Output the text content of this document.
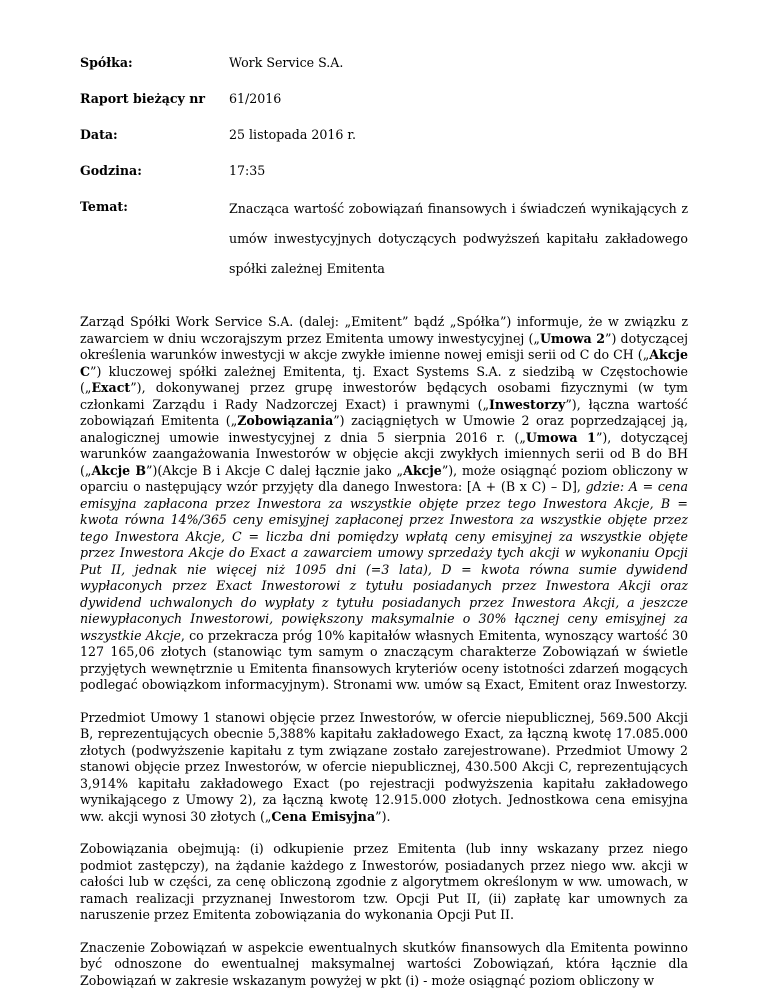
Spółka:	Work Service S.A.
Raport bieżący nr	61/2016
Data:	25 listopada 2016 r.
Godzina:	17:35
Temat:	Znacząca wartość zobowiązań finansowych i świadczeń wynikających z umów inwestycyjnych dotyczących podwyższeń kapitału zakładowego spółki zależnej Emitenta

Zarząd Spółki Work Service S.A. (dalej: „Emitent” bądź „Spółka”) informuje, że w związku z zawarciem w dniu wczorajszym przez Emitenta umowy inwestycyjnej („Umowa 2”) dotyczącej określenia warunków inwestycji w akcje zwykłe imienne nowej emisji serii od C do CH („Akcje C”) kluczowej spółki zależnej Emitenta, tj. Exact Systems S.A. z siedzibą w Częstochowie („Exact”), dokonywanej przez grupę inwestorów będących osobami fizycznymi (w tym członkami Zarządu i Rady Nadzorczej Exact) i prawnymi („Inwestorzy”), łączna wartość zobowiązań Emitenta („Zobowiązania”) zaciągniętych w Umowie 2 oraz poprzedzającej ją, analogicznej umowie inwestycyjnej z dnia 5 sierpnia 2016 r. („Umowa 1”), dotyczącej warunków zaangażowania Inwestorów w objęcie akcji zwykłych imiennych serii od B do BH („Akcje B”)(Akcje B i Akcje C dalej łącznie jako „Akcje”), może osiągnąć poziom obliczony w oparciu o następujący wzór przyjęty dla danego Inwestora: [A + (B x C) – D], gdzie: A = cena emisyjna zapłacona przez Inwestora za wszystkie objęte przez tego Inwestora Akcje, B = kwota równa 14%/365 ceny emisyjnej zapłaconej przez Inwestora za wszystkie objęte przez tego Inwestora Akcje, C = liczba dni pomiędzy wpłatą ceny emisyjnej za wszystkie objęte przez Inwestora Akcje do Exact a zawarciem umowy sprzedaży tych akcji w wykonaniu Opcji Put II, jednak nie więcej niż 1095 dni (=3 lata), D = kwota równa sumie dywidend wypłaconych przez Exact Inwestorowi z tytułu posiadanych przez Inwestora Akcji oraz dywidend uchwalonych do wypłaty z tytułu posiadanych przez Inwestora Akcji, a jeszcze niewypłaconych Inwestorowi, powiększony maksymalnie o 30% łącznej ceny emisyjnej za wszystkie Akcje, co przekracza próg 10% kapitałów własnych Emitenta, wynoszący wartość 30 127 165,06 złotych (stanowiąc tym samym o znaczącym charakterze Zobowiązań w świetle przyjętych wewnętrznie u Emitenta finansowych kryteriów oceny istotności zdarzeń mogących podlegać obowiązkom informacyjnym). Stronami ww. umów są Exact, Emitent oraz Inwestorzy.

Przedmiot Umowy 1 stanowi objęcie przez Inwestorów, w ofercie niepublicznej, 569.500 Akcji B, reprezentujących obecnie 5,388% kapitału zakładowego Exact, za łączną kwotę 17.085.000 złotych (podwyższenie kapitału z tym związane zostało zarejestrowane). Przedmiot Umowy 2 stanowi objęcie przez Inwestorów, w ofercie niepublicznej, 430.500 Akcji C, reprezentujących 3,914% kapitału zakładowego Exact (po rejestracji podwyższenia kapitału zakładowego wynikającego z Umowy 2), za łączną kwotę 12.915.000 złotych. Jednostkowa cena emisyjna ww. akcji wynosi 30 złotych („Cena Emisyjna”).

Zobowiązania obejmują: (i) odkupienie przez Emitenta (lub inny wskazany przez niego podmiot zastępczy), na żądanie każdego z Inwestorów, posiadanych przez niego ww. akcji w całości lub w części, za cenę obliczoną zgodnie z algorytmem określonym w ww. umowach, w ramach realizacji przyznanej Inwestorom tzw. Opcji Put II, (ii) zapłatę kar umownych za naruszenie przez Emitenta zobowiązania do wykonania Opcji Put II.

Znaczenie Zobowiązań w aspekcie ewentualnych skutków finansowych dla Emitenta powinno być odnoszone do ewentualnej maksymalnej wartości Zobowiązań, która łącznie dla Zobowiązań w zakresie wskazanym powyżej w pkt (i) - może osiągnąć poziom obliczony w
